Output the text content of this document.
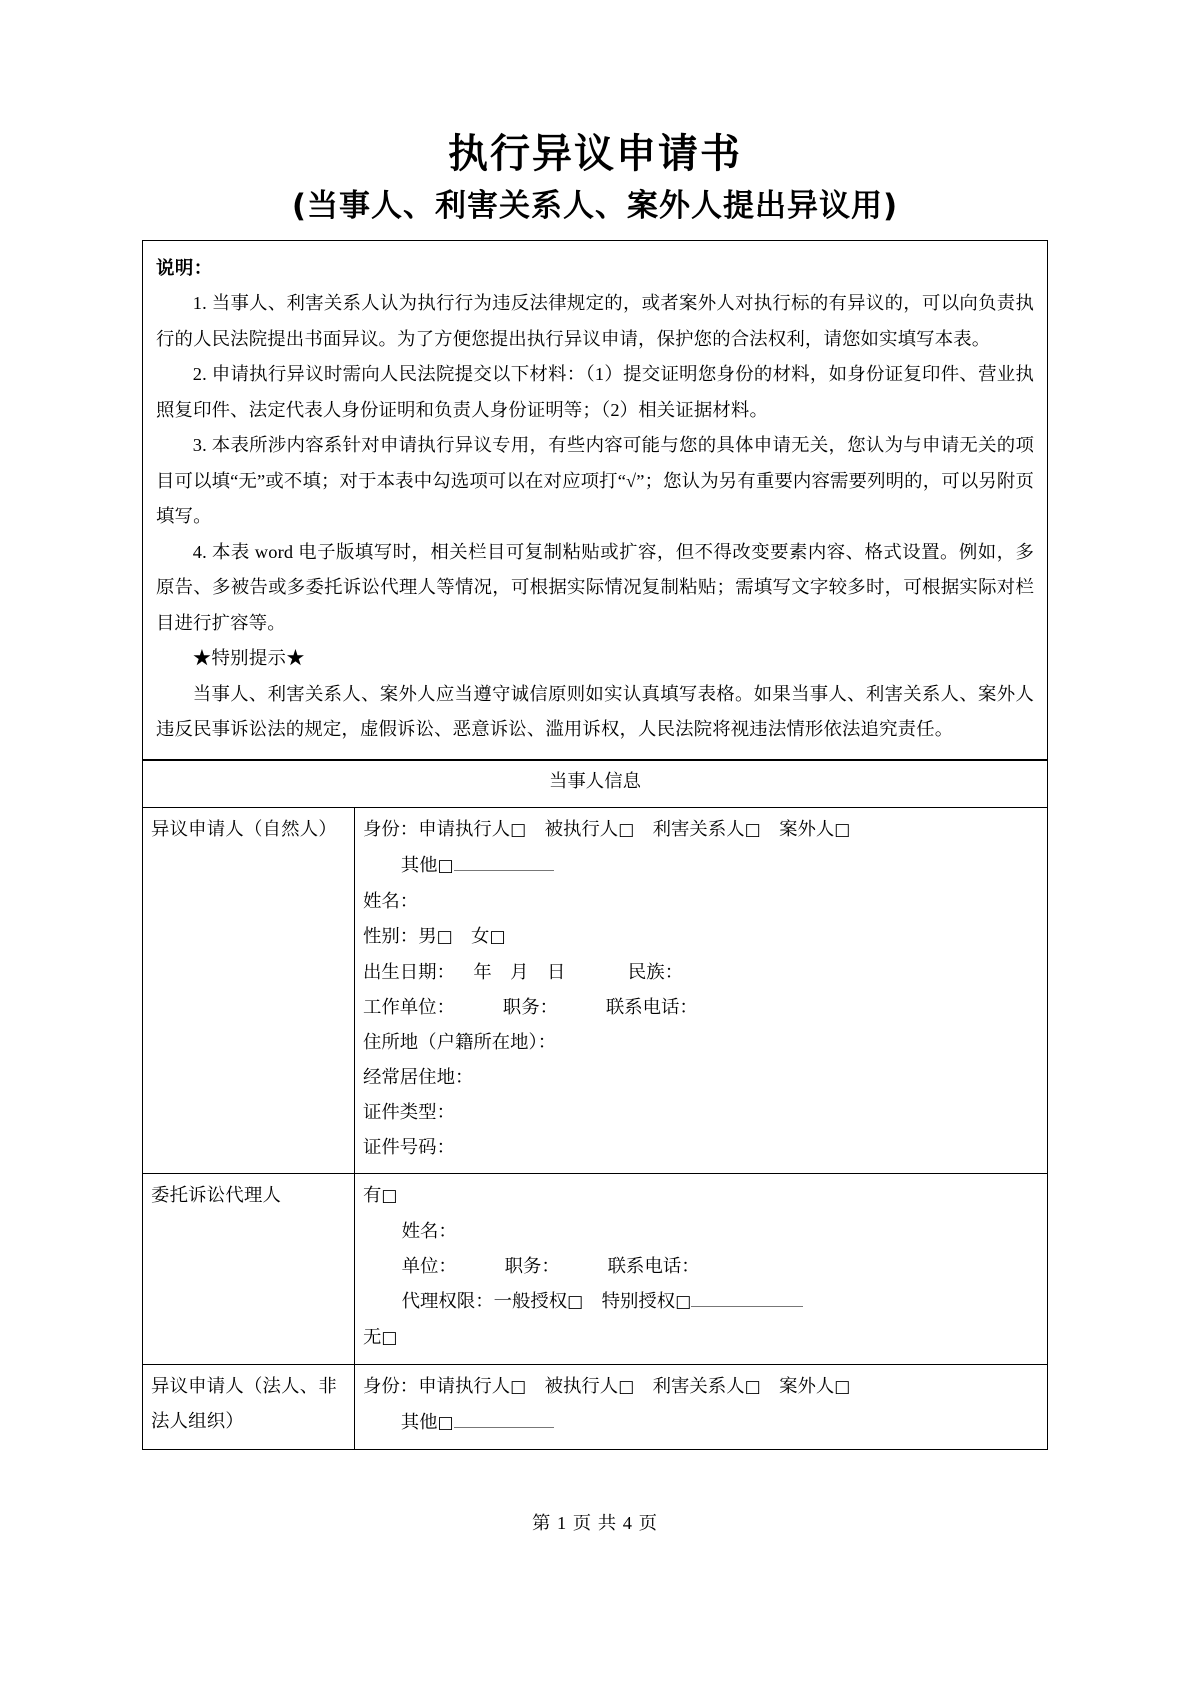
执行异议申请书
(当事人、利害关系人、案外人提出异议用)
说明：

1. 当事人、利害关系人认为执行行为违反法律规定的，或者案外人对执行标的有异议的，可以向负责执行的人民法院提出书面异议。为了方便您提出执行异议申请，保护您的合法权利，请您如实填写本表。

2. 申请执行异议时需向人民法院提交以下材料：（1）提交证明您身份的材料，如身份证复印件、营业执照复印件、法定代表人身份证明和负责人身份证明等；（2）相关证据材料。

3. 本表所涉内容系针对申请执行异议专用，有些内容可能与您的具体申请无关，您认为与申请无关的项目可以填“无”或不填；对于本表中勾选项可以在对应项打“√”；您认为另有重要内容需要列明的，可以另附页填写。

4. 本表 word 电子版填写时，相关栏目可复制粘贴或扩容，但不得改变要素内容、格式设置。例如，多原告、多被告或多委托诉讼代理人等情况，可根据实际情况复制粘贴；需填写文字较多时，可根据实际对栏目进行扩容等。

★特别提示★

当事人、利害关系人、案外人应当遵守诚信原则如实认真填写表格。如果当事人、利害关系人、案外人违反民事诉讼法的规定，虚假诉讼、恶意诉讼、滥用诉权，人民法院将视违法情形依法追究责任。

当事人信息	
异议申请人（自然人）	身份：申请执行人□ 被执行人□ 利害关系人□ 案外人□
其他□
姓名：
性别：男□ 女□
出生日期： 年 月 日	民族：
工作单位：	职务：	联系电话：
住所地（户籍所在地）：
经常居住地：
证件类型：
证件号码：

委托诉讼代理人	有□
姓名：
单位： 职务： 联系电话：
代理权限：一般授权□ 特别授权□
无□

异议申请人（法人、非法人组织）	身份：申请执行人□ 被执行人□ 利害关系人□ 案外人□
其他□
第 1 页 共 4 页
